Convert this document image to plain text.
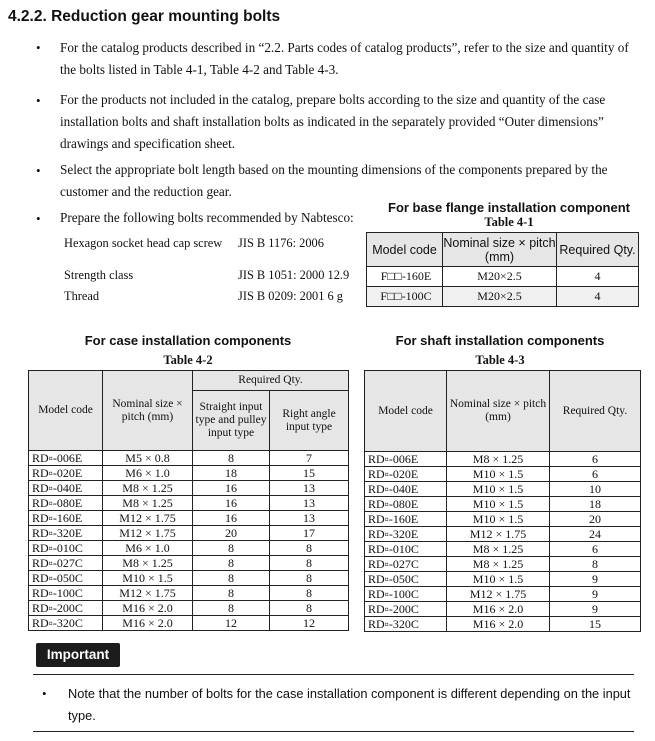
4.2.2. Reduction gear mounting bolts
• For the catalog products described in “2.2. Parts codes of catalog products”, refer to the size and quantity of the bolts listed in Table 4-1, Table 4-2 and Table 4-3.
• For the products not included in the catalog, prepare bolts according to the size and quantity of the case installation bolts and shaft installation bolts as indicated in the separately provided “Outer dimensions” drawings and specification sheet.
• Select the appropriate bolt length based on the mounting dimensions of the components prepared by the customer and the reduction gear.
• Prepare the following bolts recommended by Nabtesco:
Hexagon socket head cap screw JIS B 1176: 2006
Strength class	JIS B 1051: 2000 12.9
Thread	JIS B 0209: 2001 6 g
For base flange installation component
Table 4-1
Model code	Nominal size × pitch (mm)	Required Qty.
F□□-160E	M20×2.5	4
F□□-100C	M20×2.5	4
For case installation components
Table 4-2
Model code	Nominal size × pitch (mm)	Required Qty.	
		Straight input type and pulley input type	Right angle input type
RD▫-006E	M5 × 0.8	8	7
RD▫-020E	M6 × 1.0	18	15
RD▫-040E	M8 × 1.25	16	13
RD▫-080E	M8 × 1.25	16	13
RD▫-160E	M12 × 1.75	16	13
RD▫-320E	M12 × 1.75	20	17
RD▫-010C	M6 × 1.0	8	8
RD▫-027C	M8 × 1.25	8	8
RD▫-050C	M10 × 1.5	8	8
RD▫-100C	M12 × 1.75	8	8
RD▫-200C	M16 × 2.0	8	8
RD▫-320C	M16 × 2.0	12	12
For shaft installation components
Table 4-3
Model code	Nominal size × pitch (mm)	Required Qty.
RD▫-006E	M8 × 1.25	6
RD▫-020E	M10 × 1.5	6
RD▫-040E	M10 × 1.5	10
RD▫-080E	M10 × 1.5	18
RD▫-160E	M10 × 1.5	20
RD▫-320E	M12 × 1.75	24
RD▫-010C	M8 × 1.25	6
RD▫-027C	M8 × 1.25	8
RD▫-050C	M10 × 1.5	9
RD▫-100C	M12 × 1.75	9
RD▫-200C	M16 × 2.0	9
RD▫-320C	M16 × 2.0	15
Important
• Note that the number of bolts for the case installation component is different depending on the input type.
